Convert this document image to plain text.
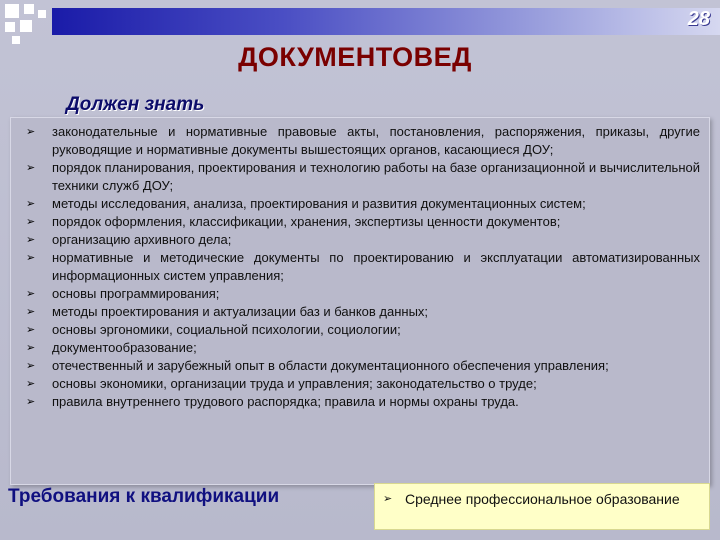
28
ДОКУМЕНТОВЕД
Должен знать
➢ законодательные и нормативные правовые акты, постановления, распоряжения, приказы, другие руководящие и нормативные документы вышестоящих органов, касающиеся ДОУ;
➢ порядок планирования, проектирования и технологию работы на базе организационной и вычислительной техники служб ДОУ;
➢ методы исследования, анализа, проектирования и развития документационных систем;
➢ порядок оформления, классификации, хранения, экспертизы ценности документов;
➢ организацию архивного дела;
➢ нормативные и методические документы по проектированию и эксплуатации автоматизированных информационных систем управления;
➢ основы программирования;
➢ методы проектирования и актуализации баз и банков данных;
➢ основы эргономики, социальной психологии, социологии;
➢ документообразование;
➢ отечественный и зарубежный опыт в области документационного обеспечения управления;
➢ основы экономики, организации труда и управления; законодательство о труде;
➢ правила внутреннего трудового распорядка; правила и нормы охраны труда.
Требования к квалификации	➢ Среднее профессиональное образование
